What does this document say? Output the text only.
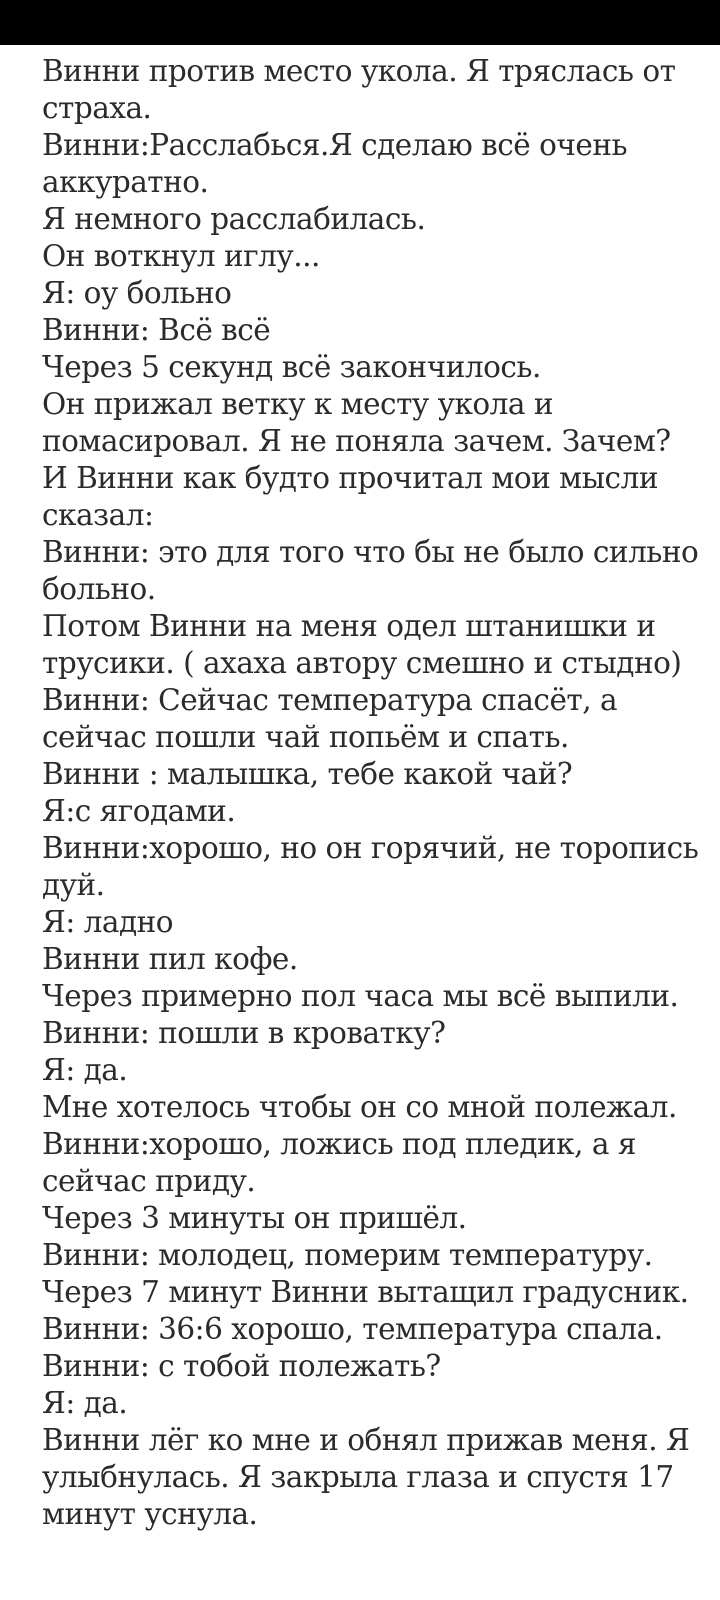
Винни против место укола. Я тряслась от
страха.
Винни:Расслабься.Я сделаю всё очень
аккуратно.
Я немного расслабилась.
Он воткнул иглу...
Я: оу больно
Винни: Всё всё
Через 5 секунд всё закончилось.
Он прижал ветку к месту укола и
помасировал. Я не поняла зачем. Зачем?
И Винни как будто прочитал мои мысли
сказал:
Винни: это для того что бы не было сильно
больно.
Потом Винни на меня одел штанишки и
трусики. ( ахаха автору смешно и стыдно)
Винни: Сейчас температура спасёт, а
сейчас пошли чай попьём и спать.
Винни : малышка, тебе какой чай?
Я:с ягодами.
Винни:хорошо, но он горячий, не торопись
дуй.
Я: ладно
Винни пил кофе.
Через примерно пол часа мы всё выпили.
Винни: пошли в кроватку?
Я: да.
Мне хотелось чтобы он со мной полежал.
Винни:хорошо, ложись под пледик, а я
сейчас приду.
Через 3 минуты он пришёл.
Винни: молодец, померим температуру.
Через 7 минут Винни вытащил градусник.
Винни: 36:6 хорошо, температура спала.
Винни: с тобой полежать?
Я: да.
Винни лёг ко мне и обнял прижав меня. Я
улыбнулась. Я закрыла глаза и спустя 17
минут уснула.
